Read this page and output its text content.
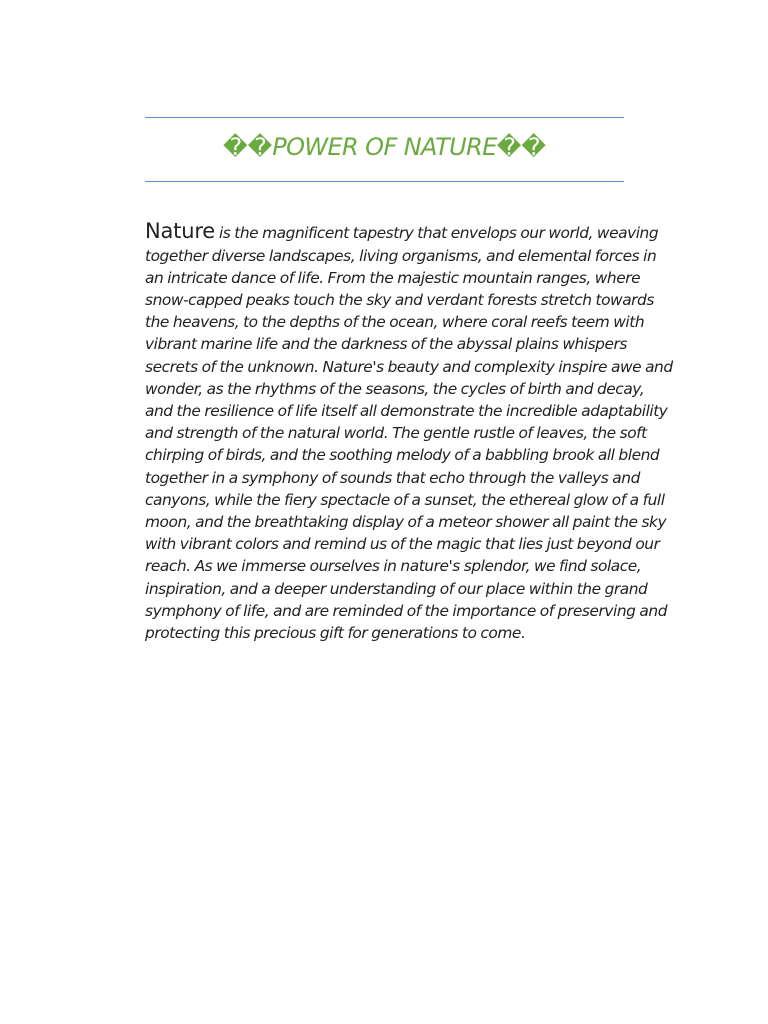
��POWER OF NATURE��

Nature is the magnificent tapestry that envelops our world, weaving together diverse landscapes, living organisms, and elemental forces in an intricate dance of life. From the majestic mountain ranges, where snow-capped peaks touch the sky and verdant forests stretch towards the heavens, to the depths of the ocean, where coral reefs teem with vibrant marine life and the darkness of the abyssal plains whispers secrets of the unknown. Nature's beauty and complexity inspire awe and wonder, as the rhythms of the seasons, the cycles of birth and decay, and the resilience of life itself all demonstrate the incredible adaptability and strength of the natural world. The gentle rustle of leaves, the soft chirping of birds, and the soothing melody of a babbling brook all blend together in a symphony of sounds that echo through the valleys and canyons, while the fiery spectacle of a sunset, the ethereal glow of a full moon, and the breathtaking display of a meteor shower all paint the sky with vibrant colors and remind us of the magic that lies just beyond our reach. As we immerse ourselves in nature's splendor, we find solace, inspiration, and a deeper understanding of our place within the grand symphony of life, and are reminded of the importance of preserving and protecting this precious gift for generations to come.
